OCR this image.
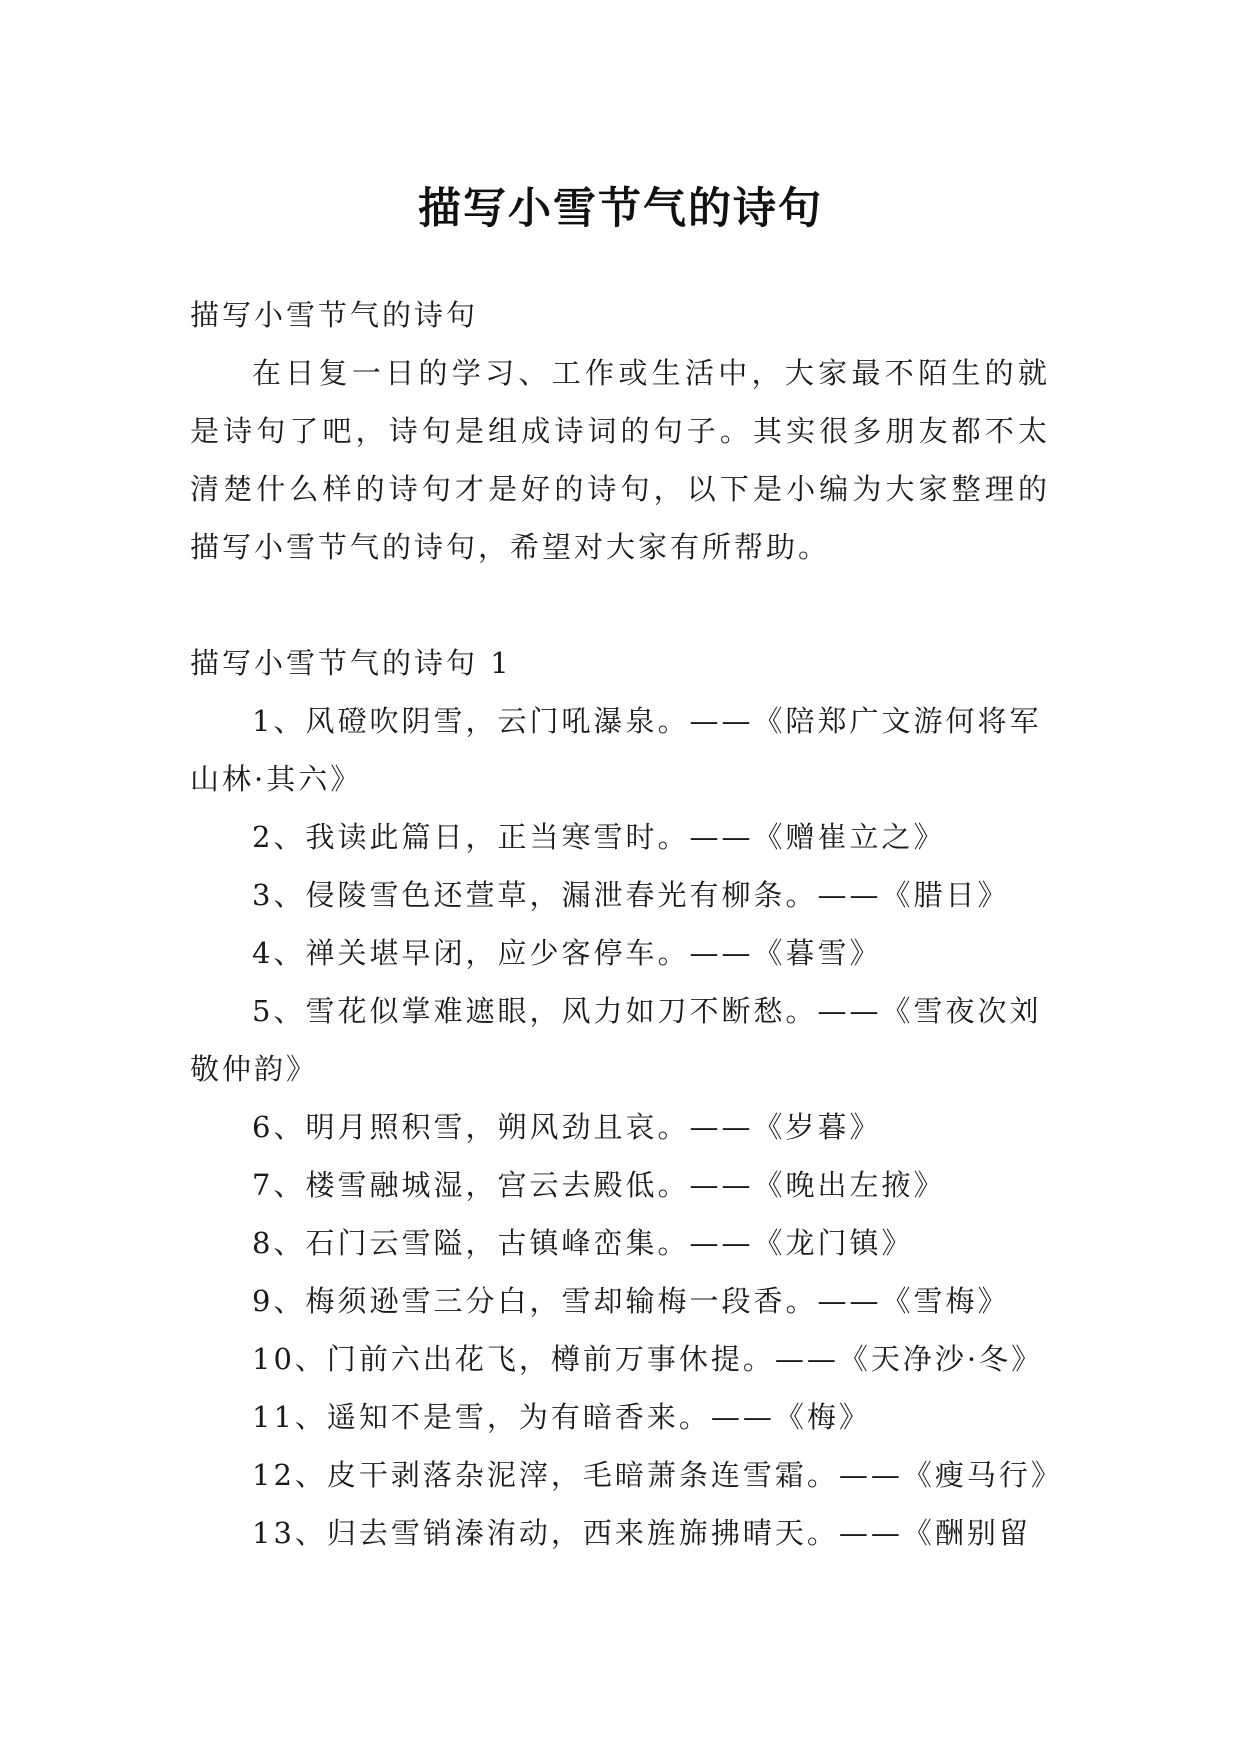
描写小雪节气的诗句

描写小雪节气的诗句

在日复一日的学习、工作或生活中，大家最不陌生的就是诗句了吧，诗句是组成诗词的句子。其实很多朋友都不太清楚什么样的诗句才是好的诗句，以下是小编为大家整理的描写小雪节气的诗句，希望对大家有所帮助。

描写小雪节气的诗句 1

1、风磴吹阴雪，云门吼瀑泉。——《陪郑广文游何将军山林·其六》
2、我读此篇日，正当寒雪时。——《赠崔立之》
3、侵陵雪色还萱草，漏泄春光有柳条。——《腊日》
4、禅关堪早闭，应少客停车。——《暮雪》
5、雪花似掌难遮眼，风力如刀不断愁。——《雪夜次刘敬仲韵》
6、明月照积雪，朔风劲且哀。——《岁暮》
7、楼雪融城湿，宫云去殿低。——《晚出左掖》
8、石门云雪隘，古镇峰峦集。——《龙门镇》
9、梅须逊雪三分白，雪却输梅一段香。——《雪梅》
10、门前六出花飞，樽前万事休提。——《天净沙·冬》
11、遥知不是雪，为有暗香来。——《梅》
12、皮干剥落杂泥滓，毛暗萧条连雪霜。——《瘦马行》
13、归去雪销溱洧动，西来旌旆拂晴天。——《酬别留
